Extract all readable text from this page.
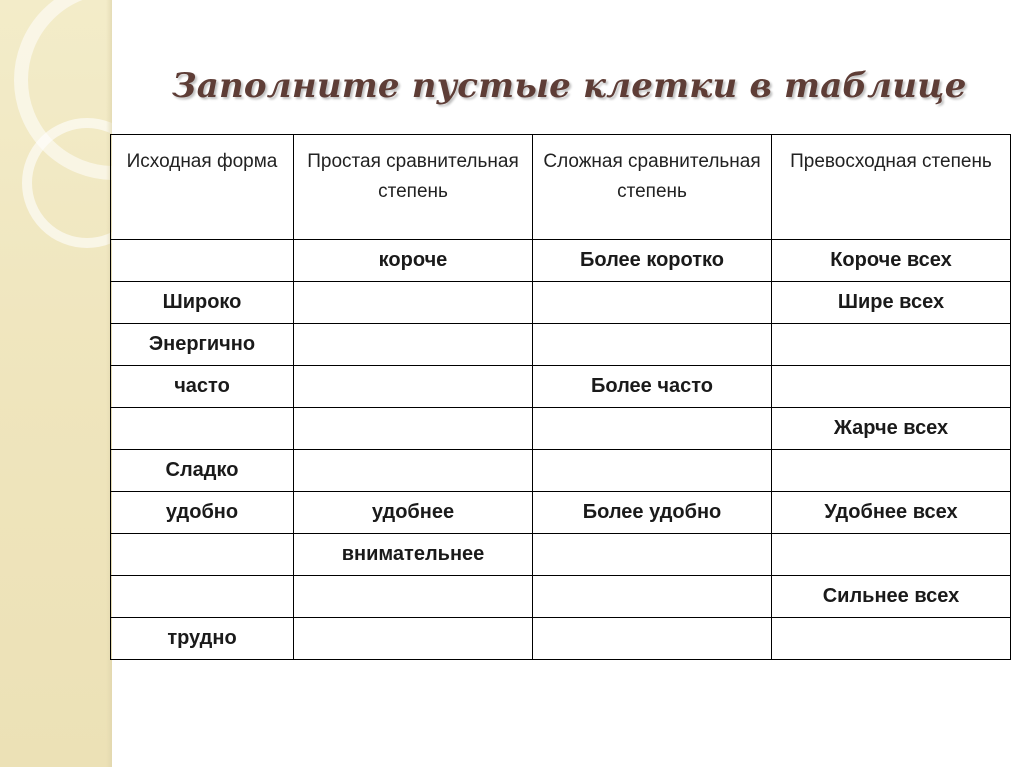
Заполните пустые клетки в таблице
Исходная форма	Простая сравнительная степень	Сложная сравнительная степень	Превосходная степень
	короче	Более коротко	Короче всех
Широко			Шире всех
Энергично			
часто		Более часто	
			Жарче всех
Сладко			
удобно	удобнее	Более удобно	Удобнее всех
	внимательнее		
			Сильнее всех
трудно			
